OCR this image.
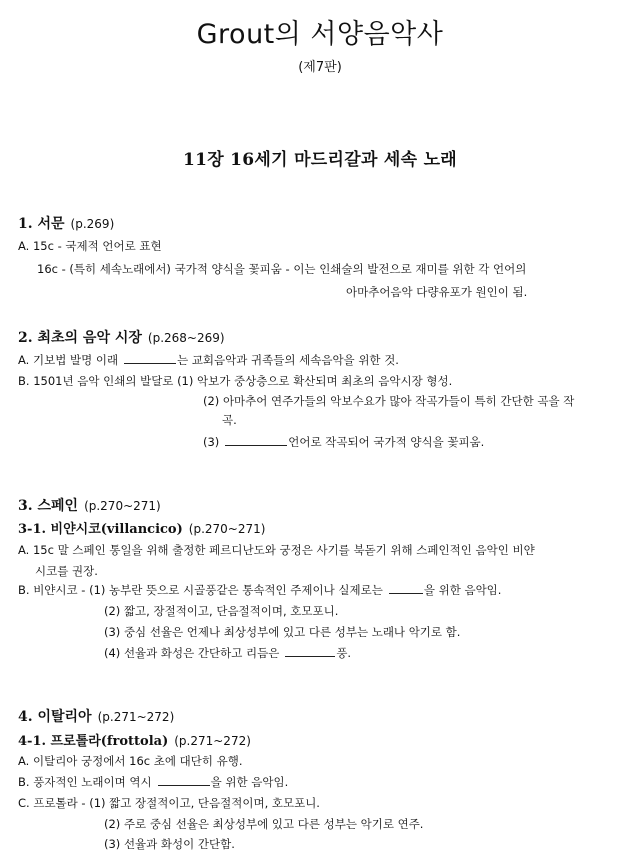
Grout의 서양음악사
(제7판)
11장 16세기 마드리갈과 세속 노래
1. 서문 (p.269)
A. 15c - 국제적 언어로 표현
16c - (특히 세속노래에서) 국가적 양식을 꽃피움 - 이는 인쇄술의 발전으로 재미를 위한 각 언어의
아마추어음악 다량유포가 원인이 됨.
2. 최초의 음악 시장 (p.268~269)
A. 기보법 발명 이래	는 교회음악과 귀족들의 세속음악을 위한 것.
B. 1501년 음악 인쇄의 발달로 (1) 악보가 중상층으로 확산되며 최초의 음악시장 형성.
(2) 아마추어 연주가들의 악보수요가 많아 작곡가들이 특히 간단한 곡을 작
곡.
(3)	언어로 작곡되어 국가적 양식을 꽃피움.
3. 스페인 (p.270~271)
3-1. 비얀시코(villancico) (p.270~271)
A. 15c 말 스페인 통일을 위해 출정한 페르디난도와 궁정은 사기를 북돋기 위해 스페인적인 음악인 비얀
시코를 권장.
B. 비얀시코 - (1) 농부란 뜻으로 시골풍같은 통속적인 주제이나 실제로는	을 위한 음악임.
(2) 짧고, 장절적이고, 단음절적이며, 호모포니.
(3) 중심 선율은 언제나 최상성부에 있고 다른 성부는 노래나 악기로 함.
(4) 선율과 화성은 간단하고 리듬은	풍.
4. 이탈리아 (p.271~272)
4-1. 프로톨라(frottola) (p.271~272)
A. 이탈리아 궁정에서 16c 초에 대단히 유행.
B. 풍자적인 노래이며 역시	을 위한 음악임.
C. 프로톨라 - (1) 짧고 장절적이고, 단음절적이며, 호모포니.
(2) 주로 중심 선율은 최상성부에 있고 다른 성부는 악기로 연주.
(3) 선율과 화성이 간단함.
